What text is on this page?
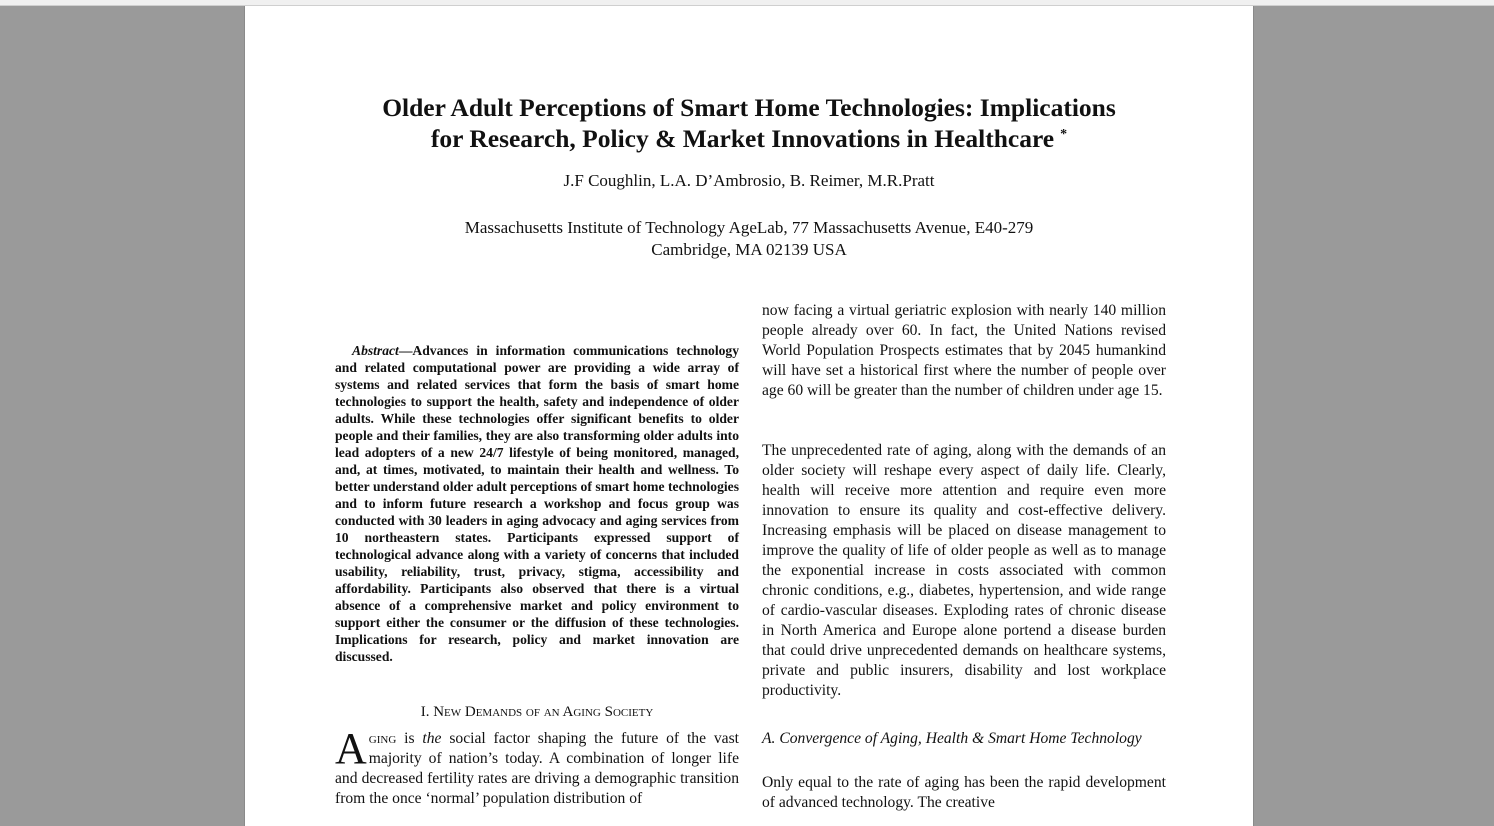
Older Adult Perceptions of Smart Home Technologies: Implications
for Research, Policy & Market Innovations in Healthcare *
J.F Coughlin, L.A. D’Ambrosio, B. Reimer, M.R.Pratt
Massachusetts Institute of Technology AgeLab, 77 Massachusetts Avenue, E40-279
Cambridge, MA 02139 USA
Abstract—Advances in information communications technology and related computational power are providing a wide array of systems and related services that form the basis of smart home technologies to support the health, safety and independence of older adults. While these technologies offer significant benefits to older people and their families, they are also transforming older adults into lead adopters of a new 24/7 lifestyle of being monitored, managed, and, at times, motivated, to maintain their health and wellness. To better understand older adult perceptions of smart home technologies and to inform future research a workshop and focus group was conducted with 30 leaders in aging advocacy and aging services from 10 northeastern states. Participants expressed support of technological advance along with a variety of concerns that included usability, reliability, trust, privacy, stigma, accessibility and affordability. Participants also observed that there is a virtual absence of a comprehensive market and policy environment to support either the consumer or the diffusion of these technologies. Implications for research, policy and market innovation are discussed.
I. New Demands of an Aging Society
Aging is the social factor shaping the future of the vast majority of nation’s today. A combination of longer life and decreased fertility rates are driving a demographic transition from the once ‘normal’ population distribution of

now facing a virtual geriatric explosion with nearly 140 million people already over 60. In fact, the United Nations revised World Population Prospects estimates that by 2045 humankind will have set a historical first where the number of people over age 60 will be greater than the number of children under age 15.

The unprecedented rate of aging, along with the demands of an older society will reshape every aspect of daily life. Clearly, health will receive more attention and require even more innovation to ensure its quality and cost-effective delivery. Increasing emphasis will be placed on disease management to improve the quality of life of older people as well as to manage the exponential increase in costs associated with common chronic conditions, e.g., diabetes, hypertension, and wide range of cardio-vascular diseases. Exploding rates of chronic disease in North America and Europe alone portend a disease burden that could drive unprecedented demands on healthcare systems, private and public insurers, disability and lost workplace productivity.

A. Convergence of Aging, Health & Smart Home Technology

Only equal to the rate of aging has been the rapid development of advanced technology. The creative
